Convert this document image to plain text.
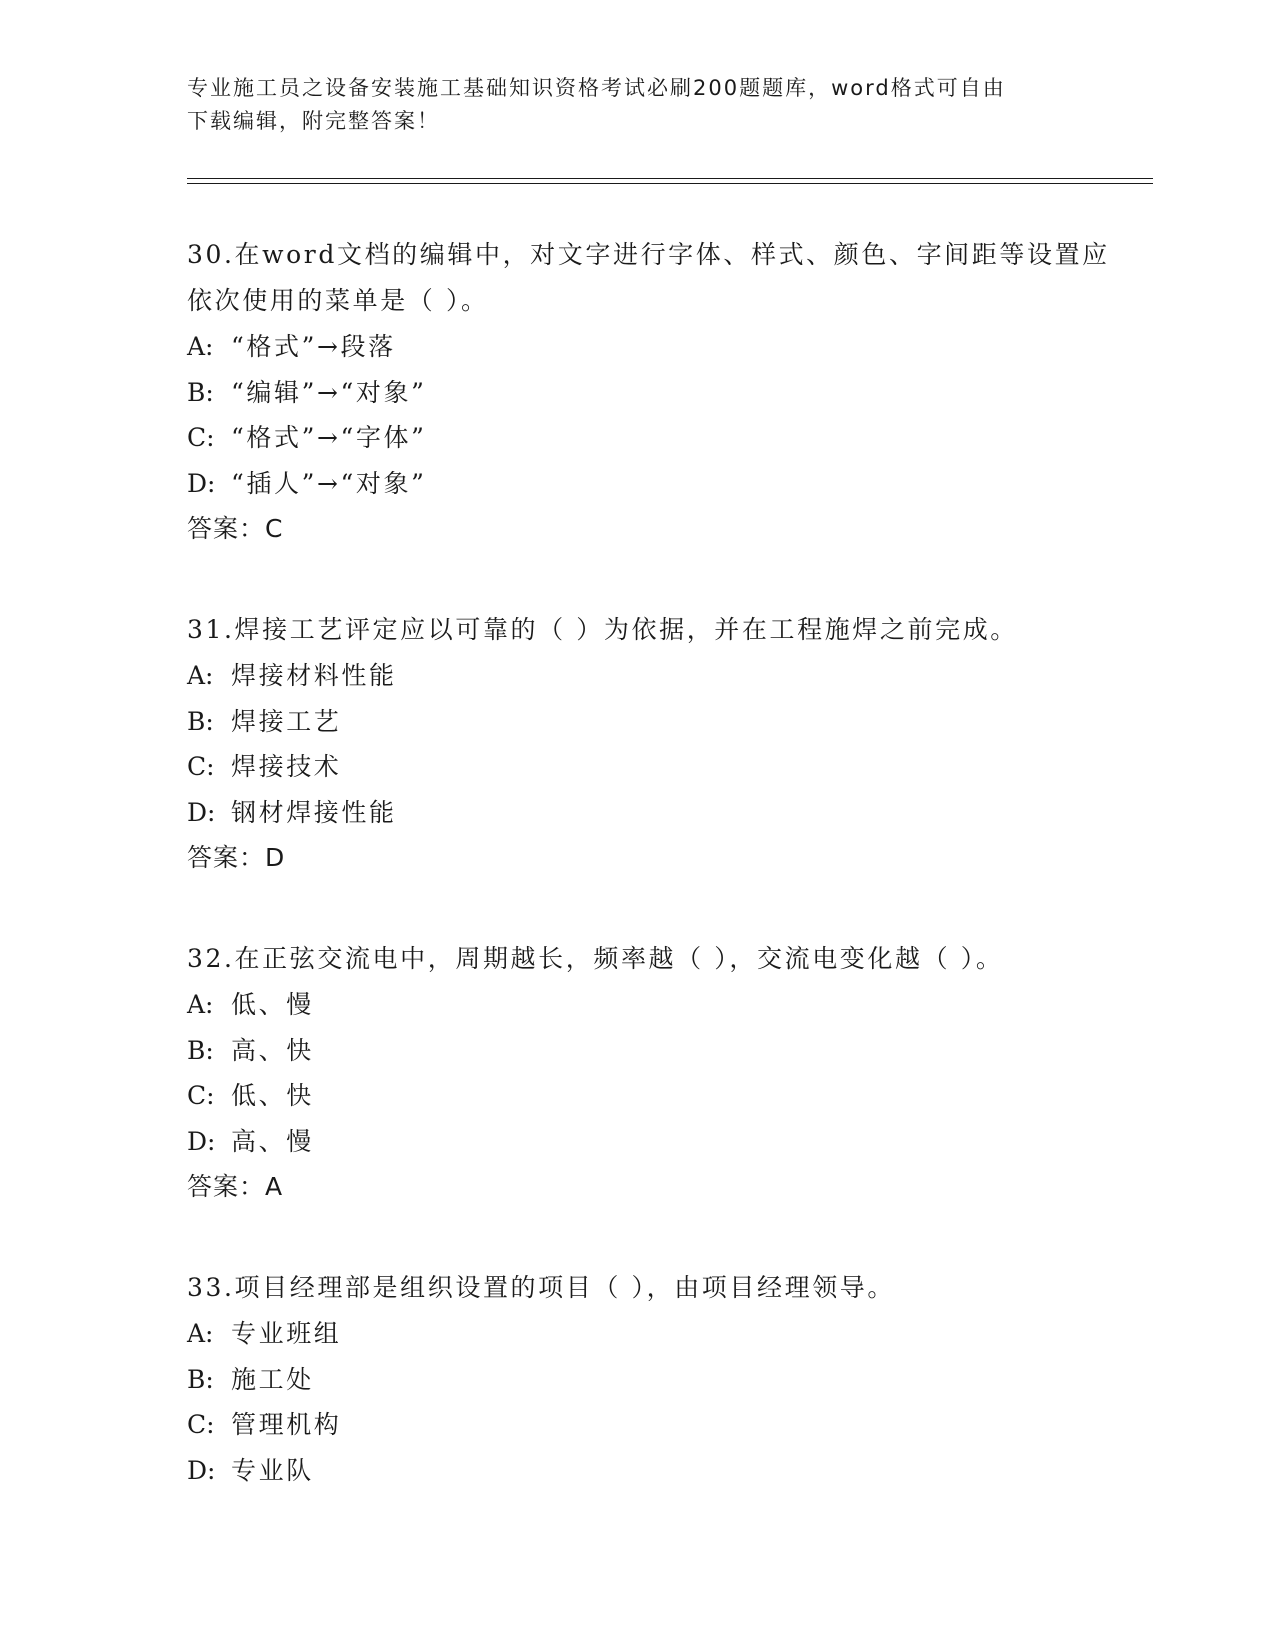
专业施工员之设备安装施工基础知识资格考试必刷200题题库，word格式可自由
下载编辑，附完整答案！
30.在word文档的编辑中，对文字进行字体、样式、颜色、字间距等设置应依次使用的菜单是（ ）。
A: “格式”→段落
B: “编辑”→“对象”
C: “格式”→“字体”
D: “插人”→“对象”
答案：C
31.焊接工艺评定应以可靠的（ ）为依据，并在工程施焊之前完成。
A: 焊接材料性能
B: 焊接工艺
C: 焊接技术
D: 钢材焊接性能
答案：D
32.在正弦交流电中，周期越长，频率越（ ），交流电变化越（ ）。
A: 低、慢
B: 高、快
C: 低、快
D: 高、慢
答案：A
33.项目经理部是组织设置的项目（ ），由项目经理领导。
A: 专业班组
B: 施工处
C: 管理机构
D: 专业队
